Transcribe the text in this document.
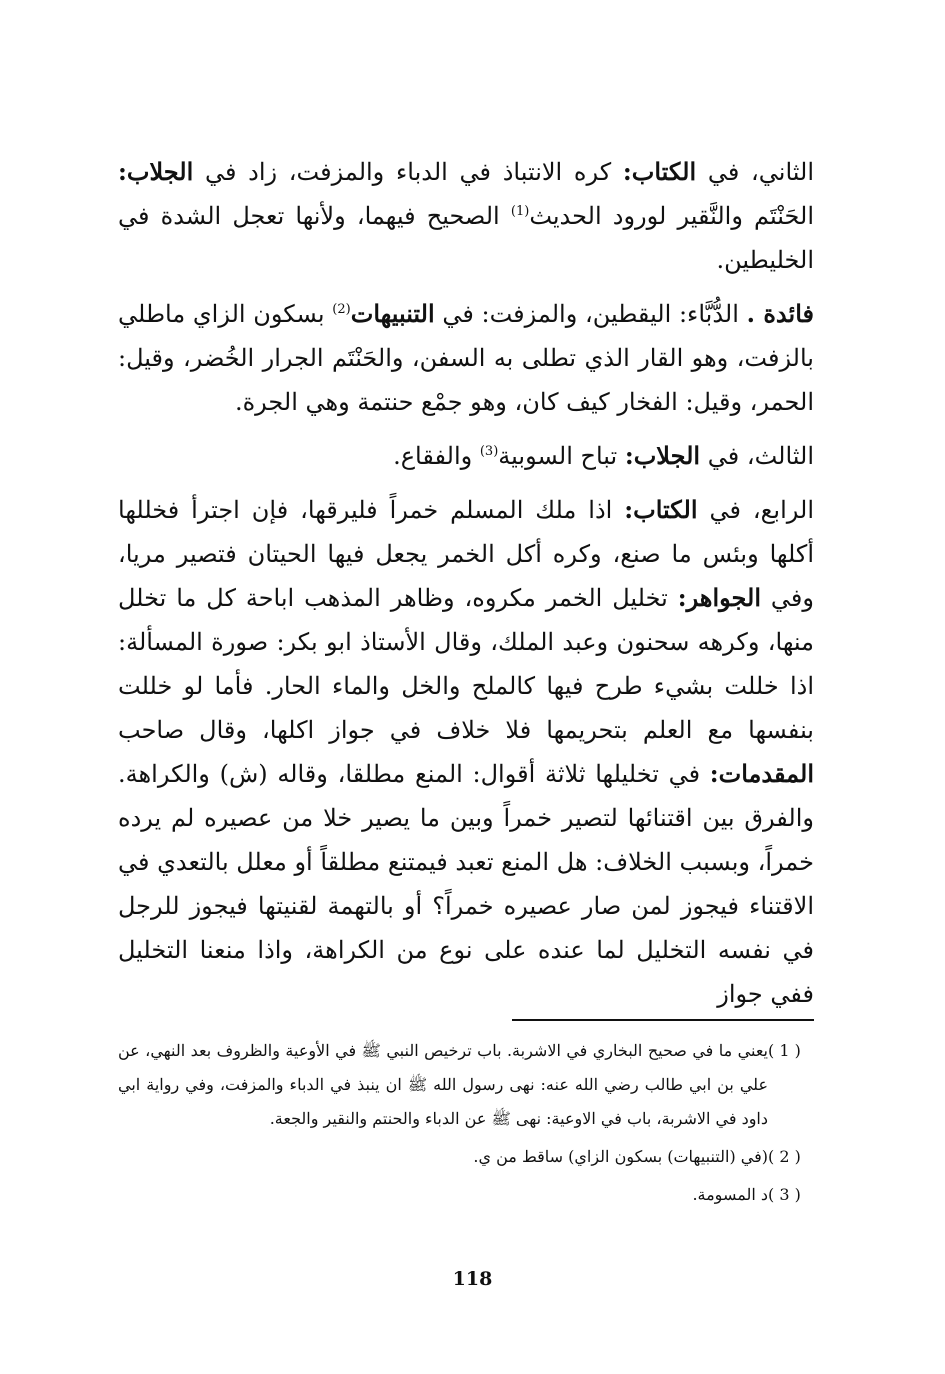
الثاني، في الكتاب: كره الانتباذ في الدباء والمزفت، زاد في الجلاب: الحَنْتَم والنَّقير لورود الحديث$^{(1)}$ الصحيح فيهما، ولأنها تعجل الشدة في الخليطين.

فائدة . الدُّبَّاء: اليقطين، والمزفت: في التنبيهات$^{(2)}$ بسكون الزاي ماطلي بالزفت، وهو القار الذي تطلى به السفن، والحَنْتَم الجرار الخُضر، وقيل: الحمر، وقيل: الفخار كيف كان، وهو جمْع حنتمة وهي الجرة.

الثالث، في الجلاب: تباح السوبية$^{(3)}$ والفقاع.

الرابع، في الكتاب: اذا ملك المسلم خمراً فليرقها، فإن اجترأ فخللها أكلها وبئس ما صنع، وكره أكل الخمر يجعل فيها الحيتان فتصير مريا، وفي الجواهر: تخليل الخمر مكروه، وظاهر المذهب اباحة كل ما تخلل منها، وكرهه سحنون وعبد الملك، وقال الأستاذ ابو بكر: صورة المسألة: اذا خللت بشيء طرح فيها كالملح والخل والماء الحار. فأما لو خللت بنفسها مع العلم بتحريمها فلا خلاف في جواز اكلها، وقال صاحب المقدمات: في تخليلها ثلاثة أقوال: المنع مطلقا، وقاله (ش) والكراهة. والفرق بين اقتنائها لتصير خمراً وبين ما يصير خلا من عصيره لم يرده خمراً، وبسبب الخلاف: هل المنع تعبد فيمتنع مطلقاً أو معلل بالتعدي في الاقتناء فيجوز لمن صار عصيره خمراً؟ أو بالتهمة لقنيتها فيجوز للرجل في نفسه التخليل لما عنده على نوع من الكراهة، واذا منعنا التخليل ففي جواز

( 1 )
يعني ما في صحيح البخاري في الاشربة. باب ترخيص النبي ﷺ في الأوعية والظروف بعد النهي، عن علي بن ابي طالب رضي الله عنه: نهى رسول الله ﷺ ان ينبذ في الدباء والمزفت، وفي رواية ابي داود في الاشربة، باب في الاوعية: نهى ﷺ عن الدباء والحنتم والنقير والجعة.
( 2 )
(في (التنبيهات) بسكون الزاي) ساقط من ي.
( 3 )
د المسومة.
118
